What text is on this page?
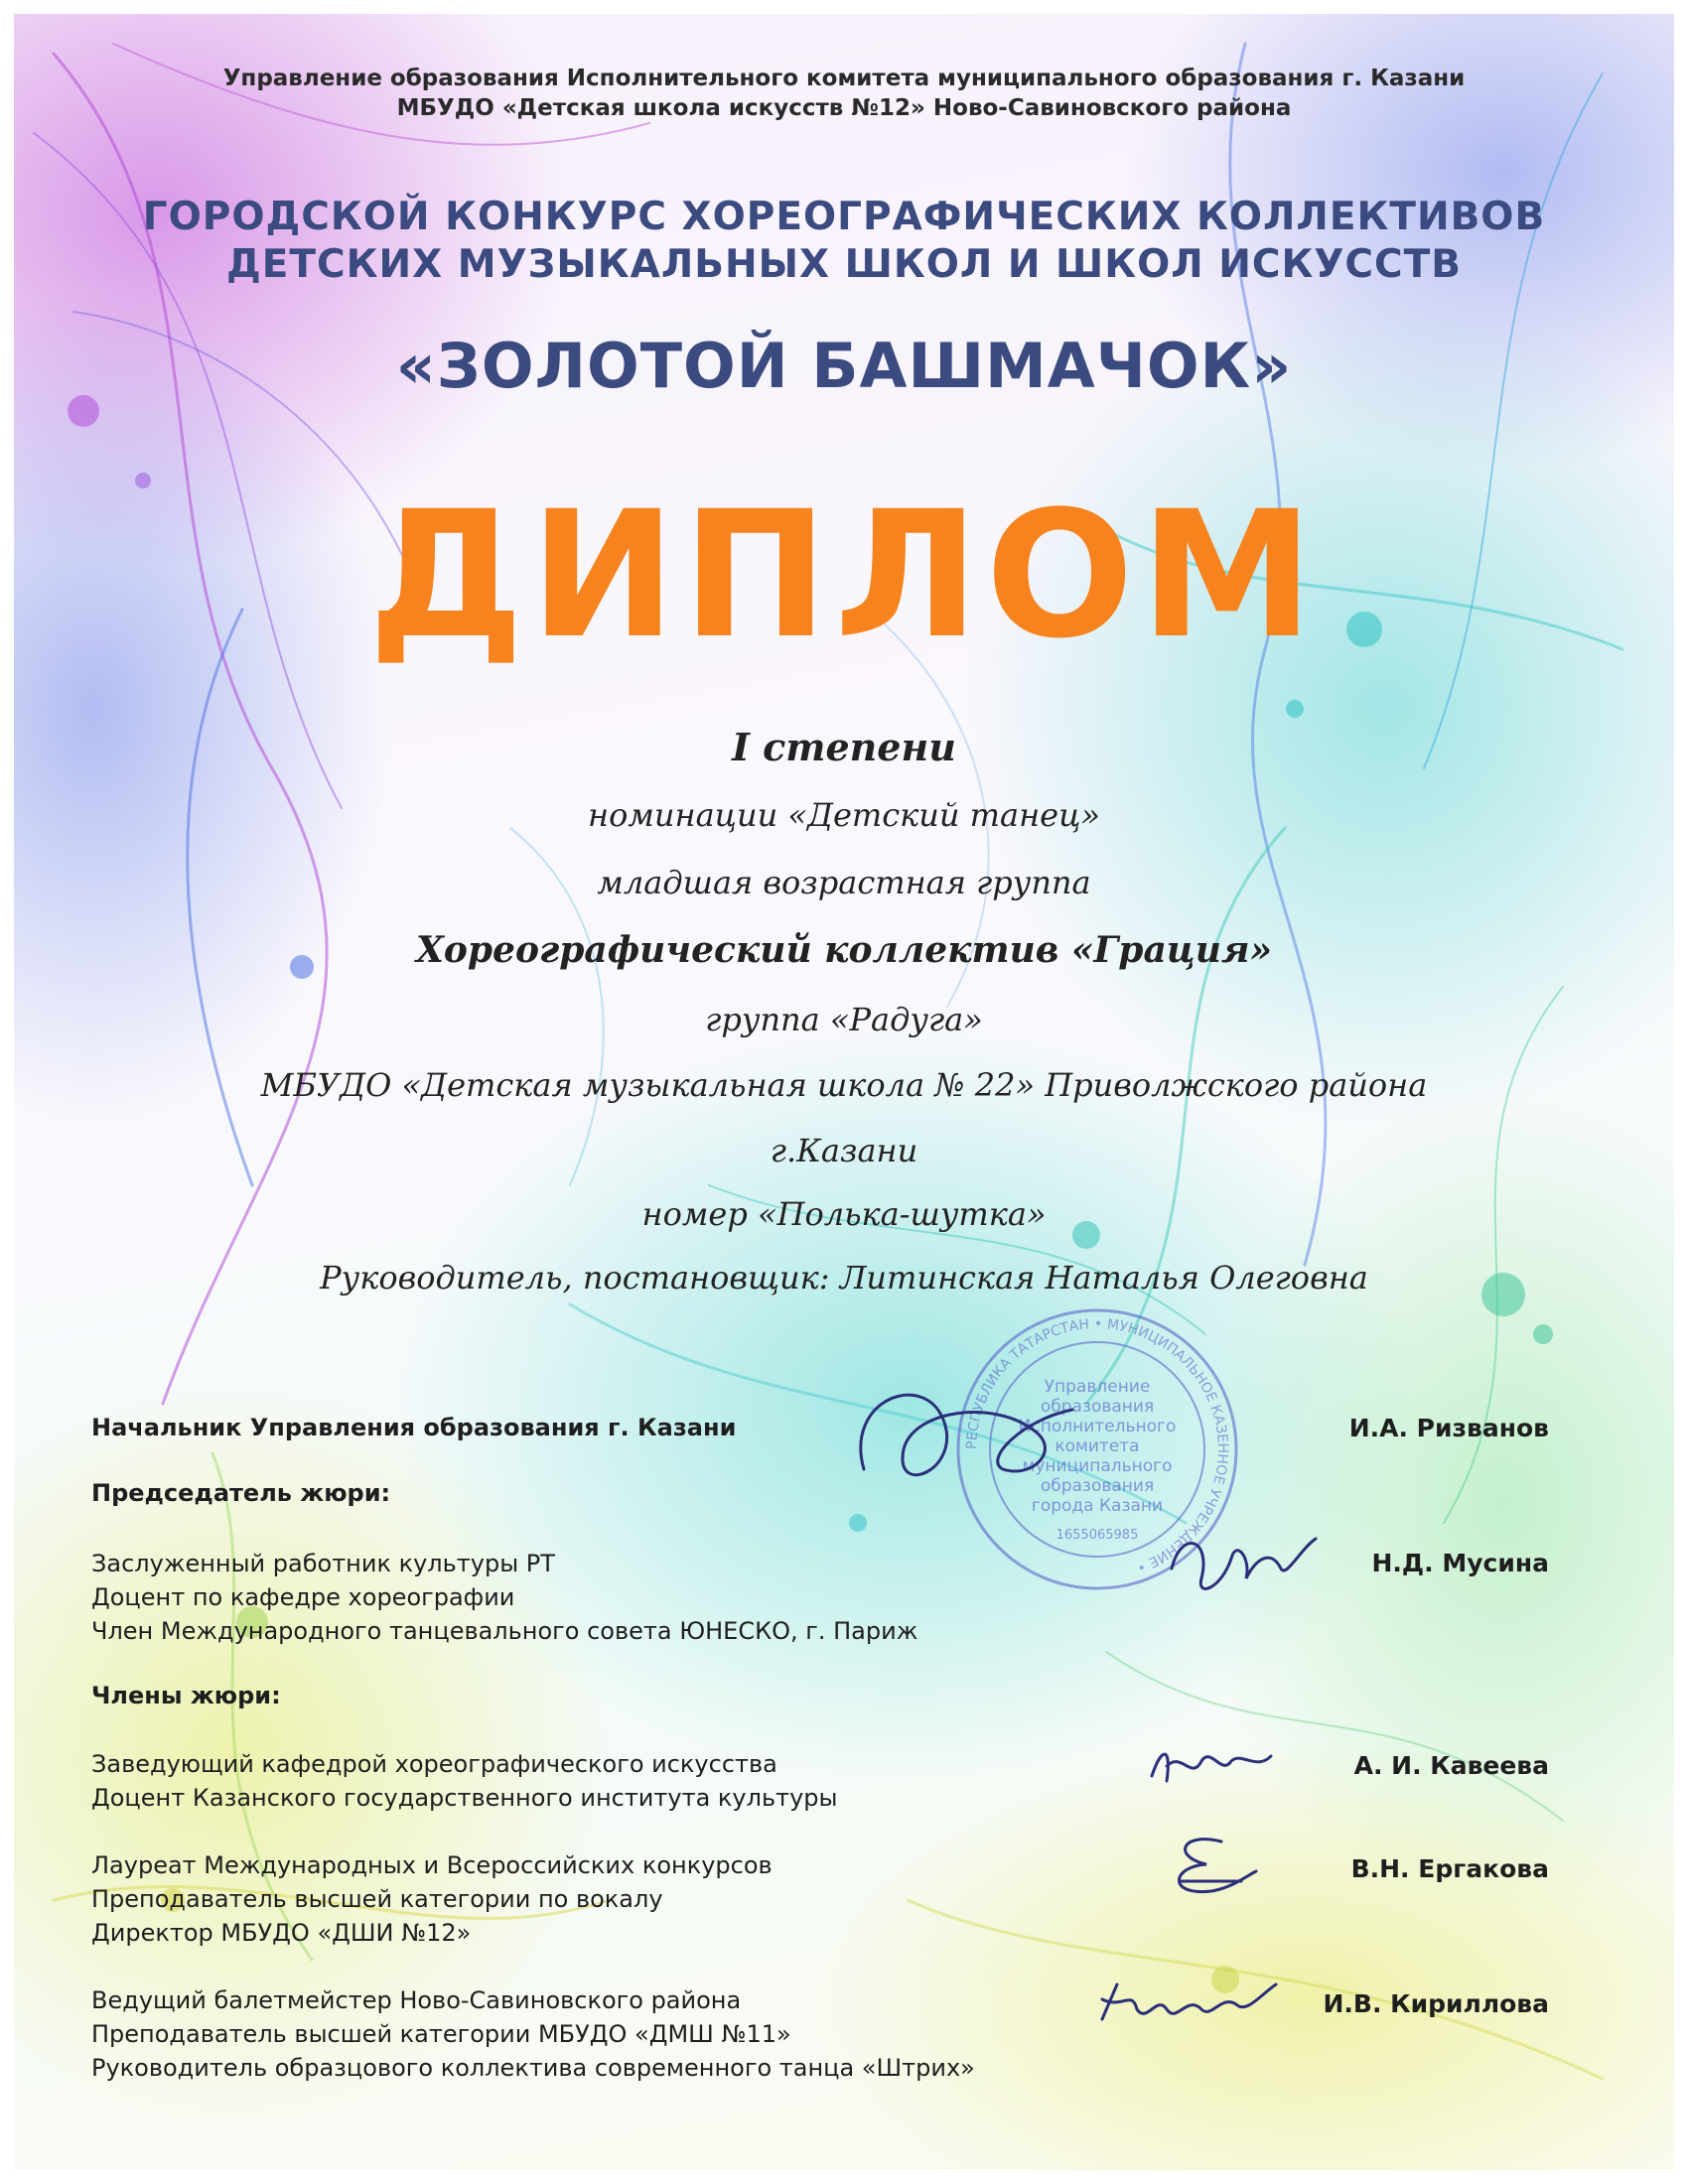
Управление образования Исполнительного комитета муниципального образования г. Казани
МБУДО «Детская школа искусств №12» Ново-Савиновского района
ГОРОДСКОЙ КОНКУРС ХОРЕОГРАФИЧЕСКИХ КОЛЛЕКТИВОВ
ДЕТСКИХ МУЗЫКАЛЬНЫХ ШКОЛ И ШКОЛ ИСКУССТВ
«ЗОЛОТОЙ БАШМАЧОК»
ДИПЛОМ
I степени
номинации «Детский танец»
младшая возрастная группа
Хореографический коллектив «Грация»
группа «Радуга»
МБУДО «Детская музыкальная школа № 22» Приволжского района
г.Казани
номер «Полька-шутка»
Руководитель, постановщик: Литинская Наталья Олеговна
РЕСПУБЛИКА ТАТАРСТАН • МУНИЦИПАЛЬНОЕ КАЗЕННОЕ УЧРЕЖДЕНИЕ •
Управление
образования
Исполнительного
комитета
муниципального
образования
города Казани
1655065985
Начальник Управления образования г. Казани	И.А. Ризванов
Председатель жюри:
Заслуженный работник культуры РТ
Доцент по кафедре хореографии
Член Международного танцевального совета ЮНЕСКО, г. Париж
Н.Д. Мусина
Члены жюри:
Заведующий кафедрой хореографического искусства
Доцент Казанского государственного института культуры
А. И. Кавеева
Лауреат Международных и Всероссийских конкурсов
Преподаватель высшей категории по вокалу
Директор МБУДО «ДШИ №12»
В.Н. Ергакова
Ведущий балетмейстер Ново-Савиновского района
Преподаватель высшей категории МБУДО «ДМШ №11»
Руководитель образцового коллектива современного танца «Штрих»
И.В. Кириллова
